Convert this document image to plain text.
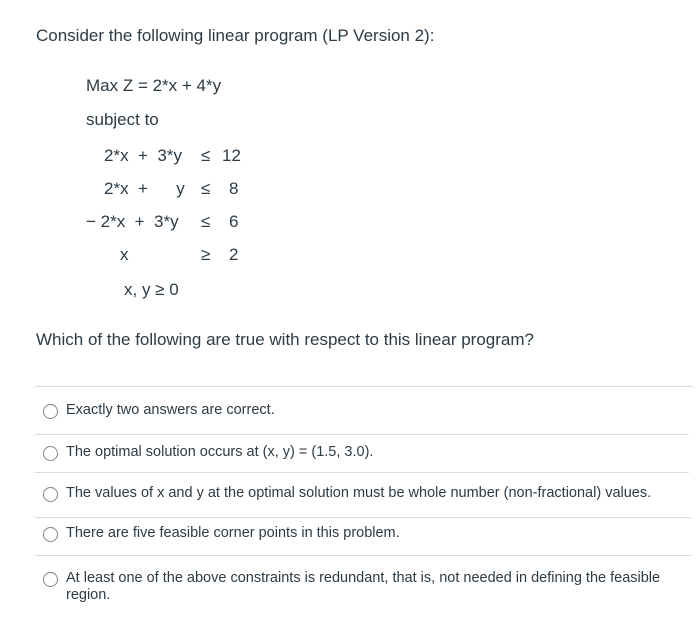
Consider the following linear program (LP Version 2):
Max Z = 2*x + 4*y
subject to
2*x  +  3*y ≤ 12
2*x  +      y ≤ 8
− 2*x  +  3*y ≤ 6
x	≥ 2
x, y ≥ 0
Which of the following are true with respect to this linear program?
Exactly two answers are correct.
The optimal solution occurs at (x, y) = (1.5, 3.0).
The values of x and y at the optimal solution must be whole number (non-fractional) values.
There are five feasible corner points in this problem.
At least one of the above constraints is redundant, that is, not needed in defining the feasible region.
